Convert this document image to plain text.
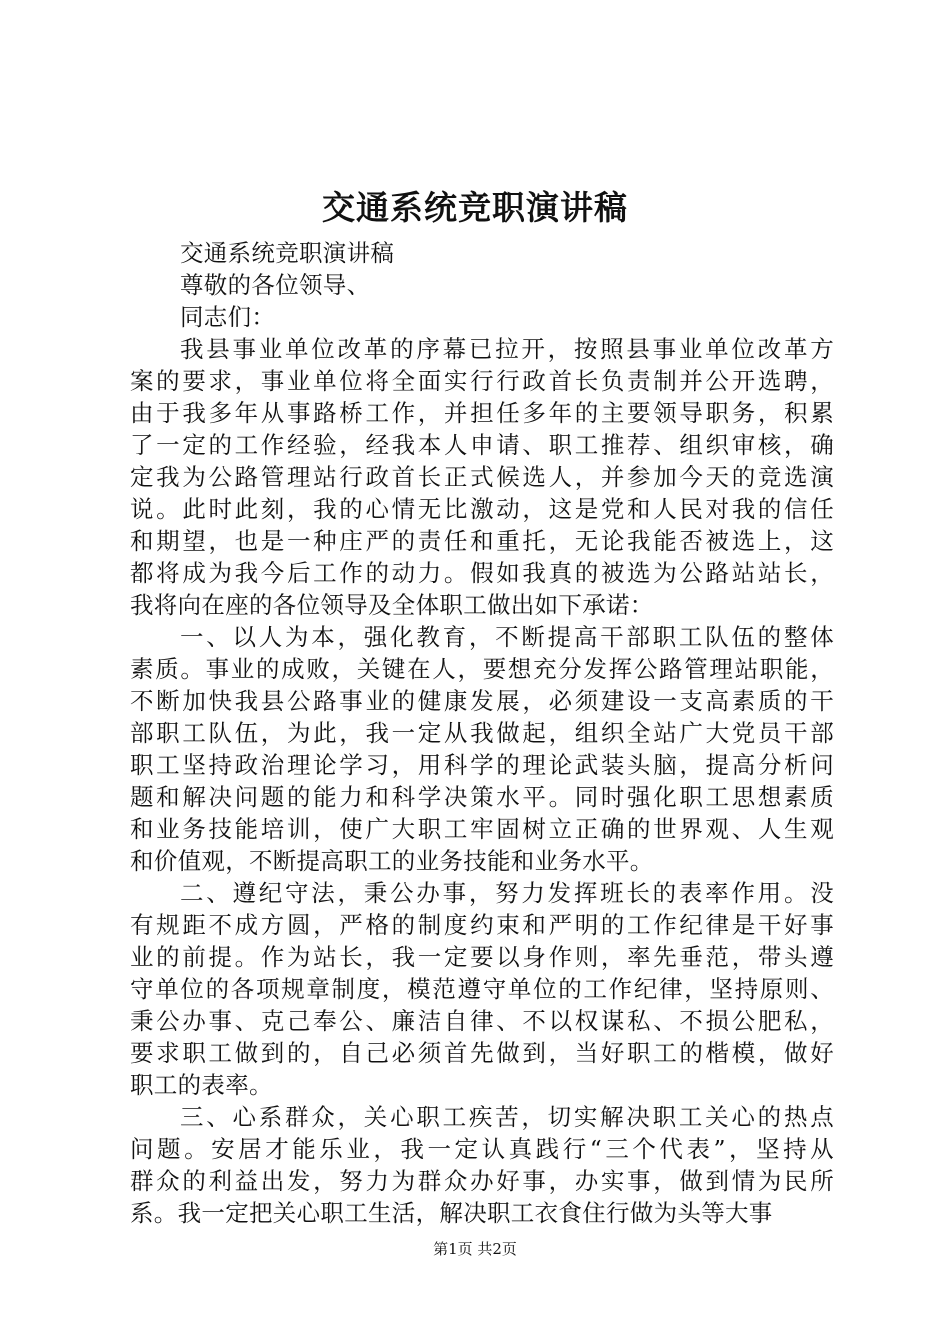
交通系统竞职演讲稿
交通系统竞职演讲稿
尊敬的各位领导、
同志们：
我县事业单位改革的序幕已拉开，按照县事业单位改革方
案的要求，事业单位将全面实行行政首长负责制并公开选聘，
由于我多年从事路桥工作，并担任多年的主要领导职务，积累
了一定的工作经验，经我本人申请、职工推荐、组织审核，确
定我为公路管理站行政首长正式候选人，并参加今天的竞选演
说。此时此刻，我的心情无比激动，这是党和人民对我的信任
和期望，也是一种庄严的责任和重托，无论我能否被选上，这
都将成为我今后工作的动力。假如我真的被选为公路站站长，
我将向在座的各位领导及全体职工做出如下承诺：
一、以人为本，强化教育，不断提高干部职工队伍的整体
素质。事业的成败，关键在人，要想充分发挥公路管理站职能，
不断加快我县公路事业的健康发展，必须建设一支高素质的干
部职工队伍，为此，我一定从我做起，组织全站广大党员干部
职工坚持政治理论学习，用科学的理论武装头脑，提高分析问
题和解决问题的能力和科学决策水平。同时强化职工思想素质
和业务技能培训，使广大职工牢固树立正确的世界观、人生观
和价值观，不断提高职工的业务技能和业务水平。
二、遵纪守法，秉公办事，努力发挥班长的表率作用。没
有规距不成方圆，严格的制度约束和严明的工作纪律是干好事
业的前提。作为站长，我一定要以身作则，率先垂范，带头遵
守单位的各项规章制度，模范遵守单位的工作纪律，坚持原则、
秉公办事、克己奉公、廉洁自律、不以权谋私、不损公肥私，
要求职工做到的，自己必须首先做到，当好职工的楷模，做好
职工的表率。
三、心系群众，关心职工疾苦，切实解决职工关心的热点
问题。安居才能乐业，我一定认真践行“三个代表”，坚持从
群众的利益出发，努力为群众办好事，办实事，做到情为民所
系。我一定把关心职工生活，解决职工衣食住行做为头等大事
第1页 共2页
